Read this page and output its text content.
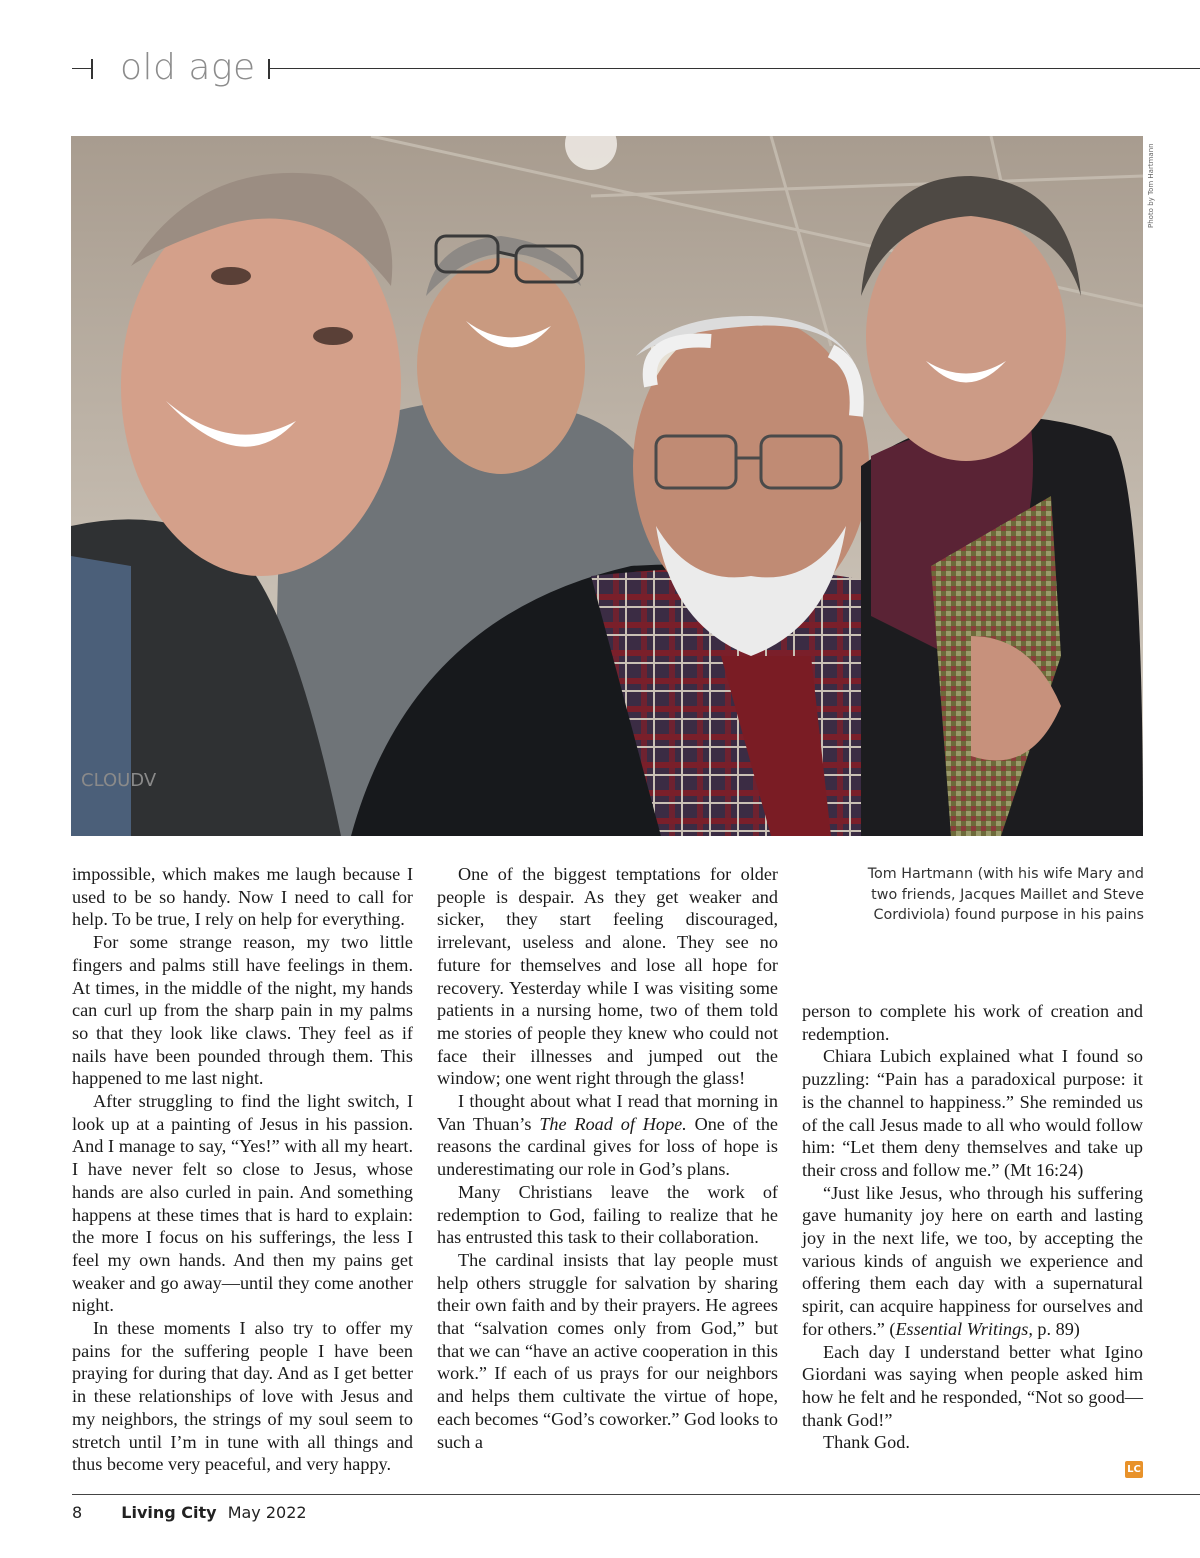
old age
CLOUDV
Photo by Tom Hartmann
Tom Hartmann (with his wife Mary and two friends, Jacques Maillet and Steve Cordiviola) found purpose in his pains

impossible, which makes me laugh because I used to be so handy. Now I need to call for help. To be true, I rely on help for everything.

For some strange reason, my two little fingers and palms still have feelings in them. At times, in the middle of the night, my hands can curl up from the sharp pain in my palms so that they look like claws. They feel as if nails have been pounded through them. This happened to me last night.

After struggling to find the light switch, I look up at a painting of Jesus in his passion. And I manage to say, “Yes!” with all my heart. I have never felt so close to Jesus, whose hands are also curled in pain. And something happens at these times that is hard to explain: the more I focus on his sufferings, the less I feel my own hands. And then my pains get weaker and go away—until they come another night.

In these moments I also try to offer my pains for the suffering people I have been praying for during that day. And as I get better in these relationships of love with Jesus and my neighbors, the strings of my soul seem to stretch until I’m in tune with all things and thus become very peaceful, and very happy.

One of the biggest temptations for older people is despair. As they get weaker and sicker, they start feeling discouraged, irrelevant, useless and alone. They see no future for themselves and lose all hope for recovery. Yesterday while I was visiting some patients in a nursing home, two of them told me stories of people they knew who could not face their illnesses and jumped out the window; one went right through the glass!

I thought about what I read that morning in Van Thuan’s The Road of Hope. One of the reasons the cardinal gives for loss of hope is underestimating our role in God’s plans.

Many Christians leave the work of redemption to God, failing to realize that he has entrusted this task to their collaboration.

The cardinal insists that lay people must help others struggle for salvation by sharing their own faith and by their prayers. He agrees that “salvation comes only from God,” but that we can “have an active cooperation in this work.” If each of us prays for our neighbors and helps them cultivate the virtue of hope, each becomes “God’s coworker.” God looks to such a

person to complete his work of creation and redemption.

Chiara Lubich explained what I found so puzzling: “Pain has a paradoxical purpose: it is the channel to happiness.” She reminded us of the call Jesus made to all who would follow him: “Let them deny themselves and take up their cross and follow me.” (Mt 16:24)

“Just like Jesus, who through his suffering gave humanity joy here on earth and lasting joy in the next life, we too, by accepting the various kinds of anguish we experience and offering them each day with a supernatural spirit, can acquire happiness for ourselves and for others.” (Essential Writings, p. 89)

Each day I understand better what Igino Giordani was saying when people asked him how he felt and he responded, “Not so good—thank God!”

Thank God.

LC
8 Living City May 2022
